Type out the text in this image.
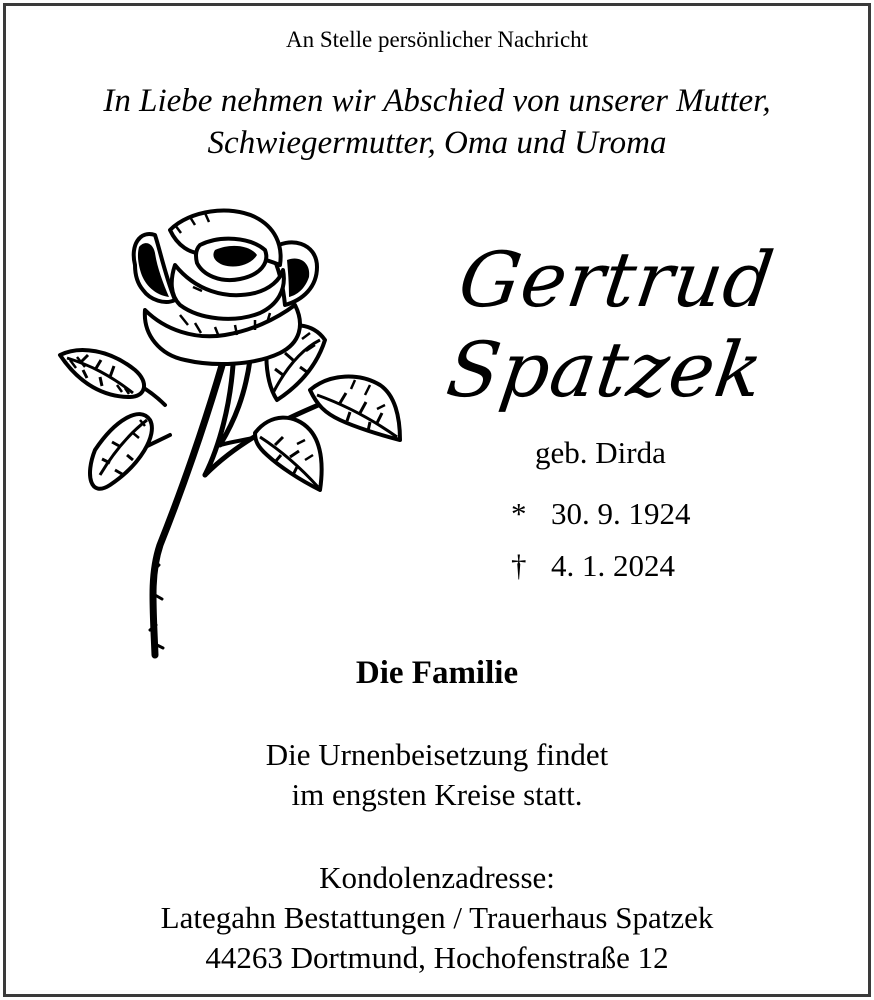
An Stelle persönlicher Nachricht
In Liebe nehmen wir Abschied von unserer Mutter,
Schwiegermutter, Oma und Uroma
Gertrud
Spatzek
geb. Dirda
* 30. 9. 1924
† 4. 1. 2024
Die Familie
Die Urnenbeisetzung findet
im engsten Kreise statt.
Kondolenzadresse:
Lategahn Bestattungen / Trauerhaus Spatzek
44263 Dortmund, Hochofenstraße 12
